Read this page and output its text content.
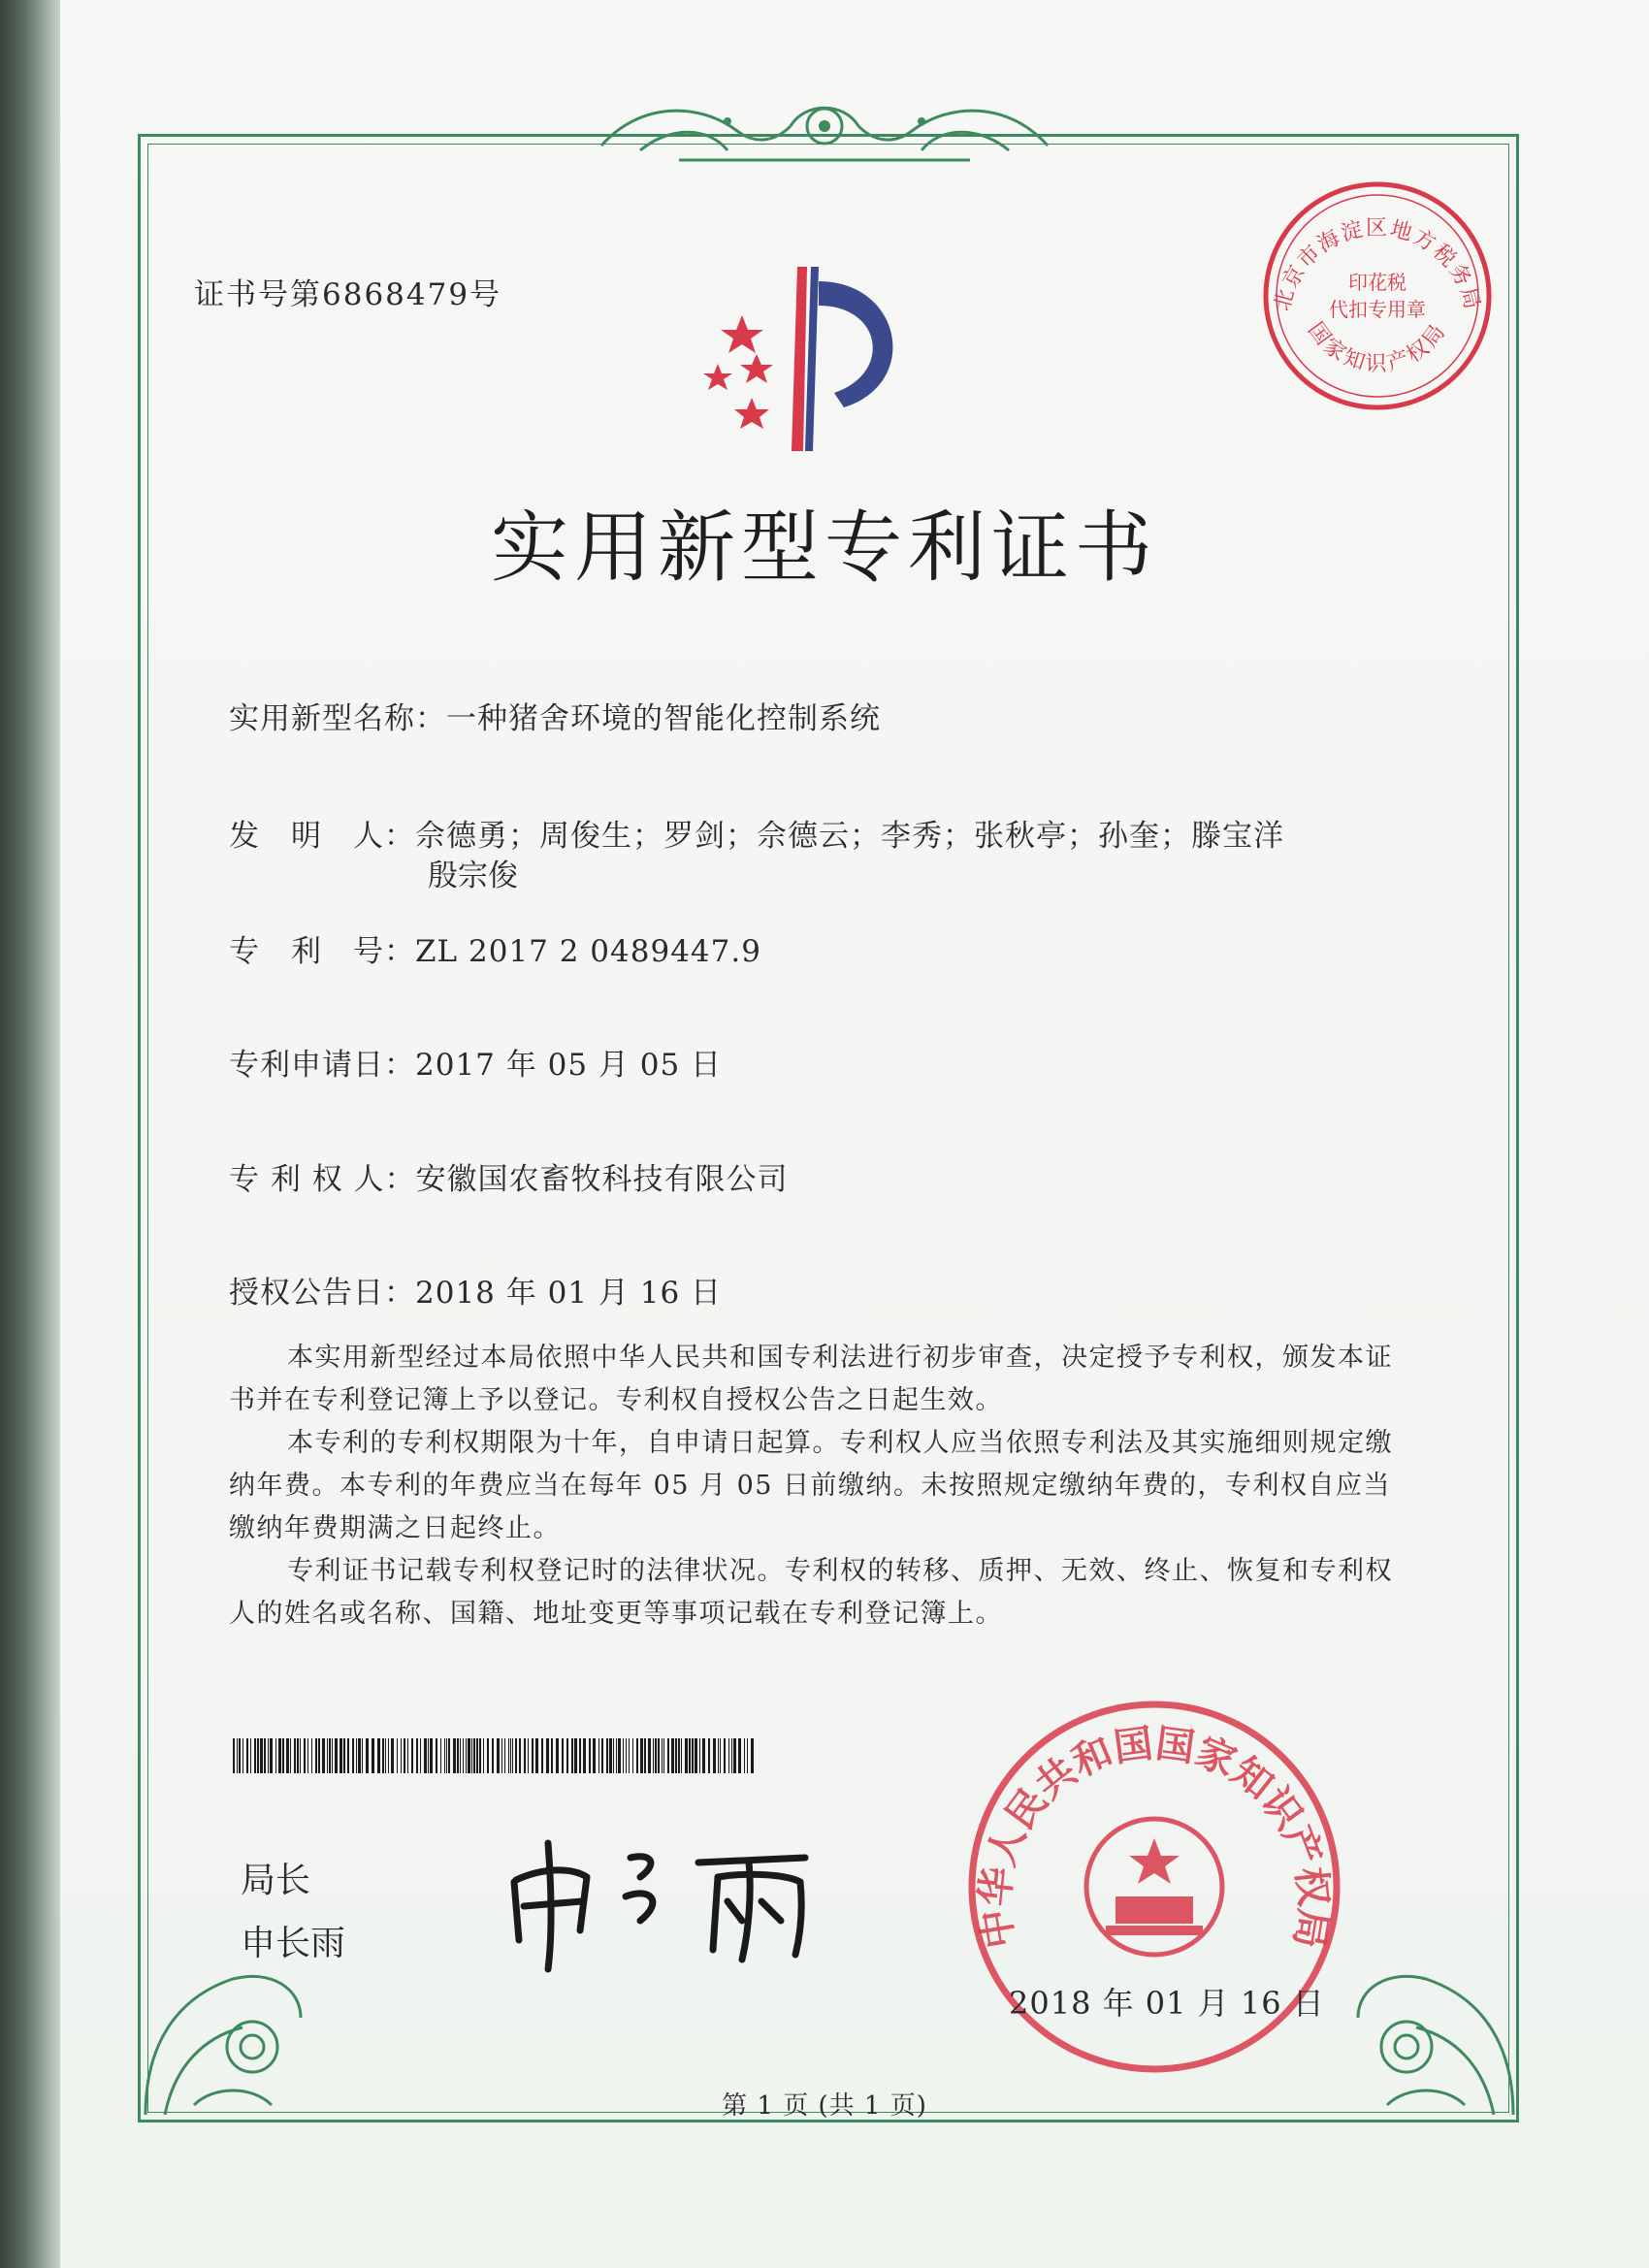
证书号第6868479号	北京市海淀区地方税务局
印花税
代扣专用章
国家知识产权局
实用新型专利证书
实用新型名称：一种猪舍环境的智能化控制系统
发　明　人：佘德勇；周俊生；罗剑；佘德云；李秀；张秋亭；孙奎；滕宝洋
殷宗俊
专　利　号：ZL 2017 2 0489447.9
专利申请日：2017 年 05 月 05 日
专 利 权 人：安徽国农畜牧科技有限公司
授权公告日：2018 年 01 月 16 日

本实用新型经过本局依照中华人民共和国专利法进行初步审查，决定授予专利权，颁发本证书并在专利登记簿上予以登记。专利权自授权公告之日起生效。

本专利的专利权期限为十年，自申请日起算。专利权人应当依照专利法及其实施细则规定缴纳年费。本专利的年费应当在每年 05 月 05 日前缴纳。未按照规定缴纳年费的，专利权自应当缴纳年费期满之日起终止。

专利证书记载专利权登记时的法律状况。专利权的转移、质押、无效、终止、恢复和专利权人的姓名或名称、国籍、地址变更等事项记载在专利登记簿上。

局长
申长雨	中华人民共和国国家知识产权局
2018 年 01 月 16 日
第 1 页 (共 1 页)
